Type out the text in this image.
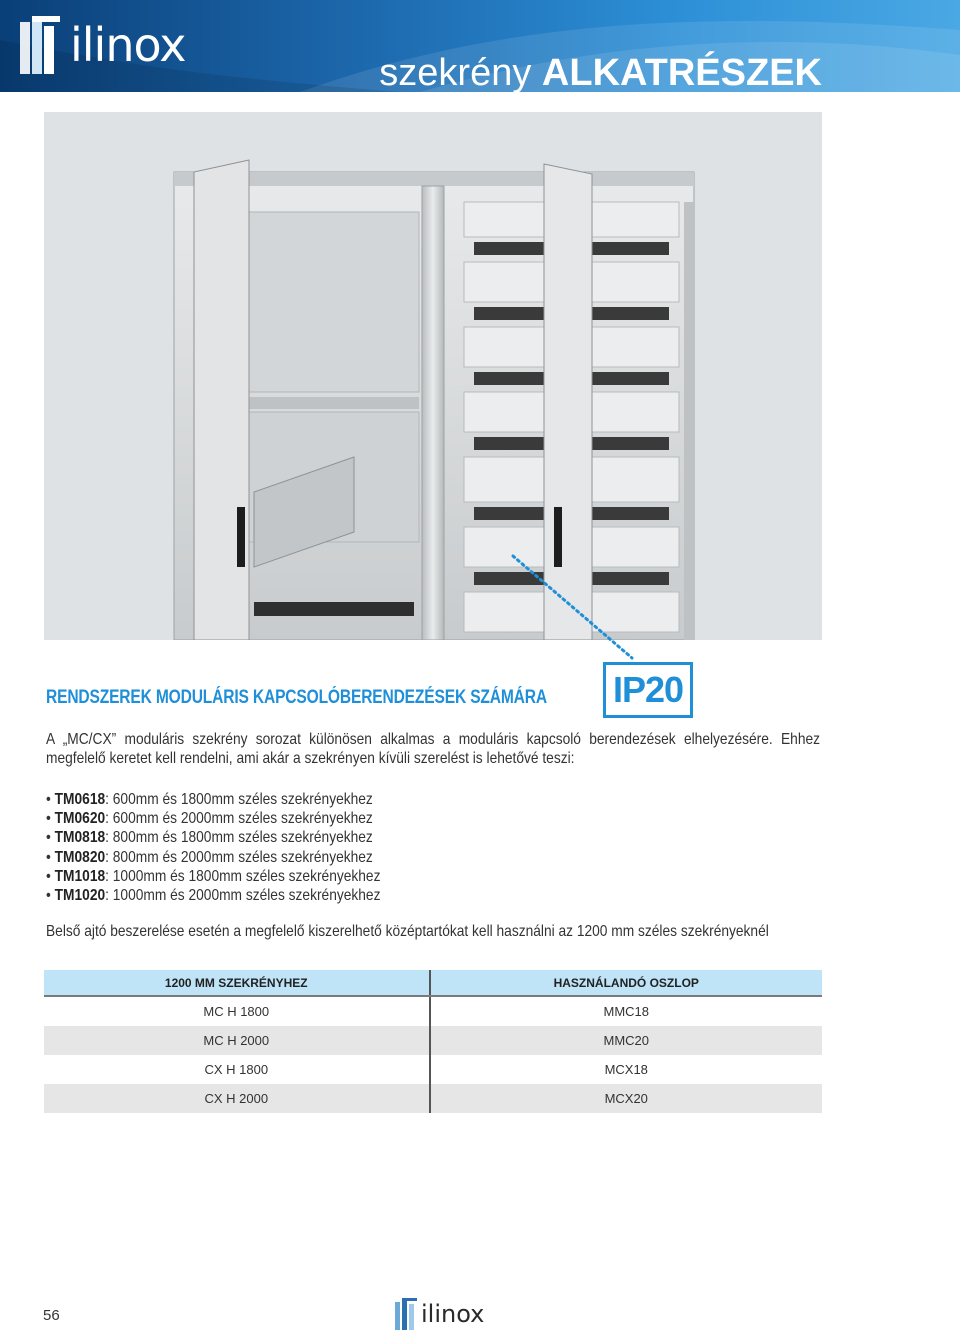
ilinox
szekrény ALKATRÉSZEK
IP20
RENDSZEREK MODULÁRIS KAPCSOLÓBERENDEZÉSEK SZÁMÁRA

A „MC/CX” moduláris szekrény sorozat különösen alkalmas a moduláris kapcsoló berendezések elhelyezésére. Ehhez

megfelelő keretet kell rendelni, ami akár a szekrényen kívüli szerelést is lehetővé teszi:

• TM0618: 600mm és 1800mm széles szekrényekhez
• TM0620: 600mm és 2000mm széles szekrényekhez
• TM0818: 800mm és 1800mm széles szekrényekhez
• TM0820: 800mm és 2000mm széles szekrényekhez
• TM1018: 1000mm és 1800mm széles szekrényekhez
• TM1020: 1000mm és 2000mm széles szekrényekhez
Belső ajtó beszerelése esetén a megfelelő kiszerelhető középtartókat kell használni az 1200 mm széles szekrényeknél
1200 MM SZEKRÉNYHEZ	HASZNÁLANDÓ OSZLOP
MC H 1800	MMC18
MC H 2000	MMC20
CX H 1800	MCX18
CX H 2000	MCX20
56	ilinox
